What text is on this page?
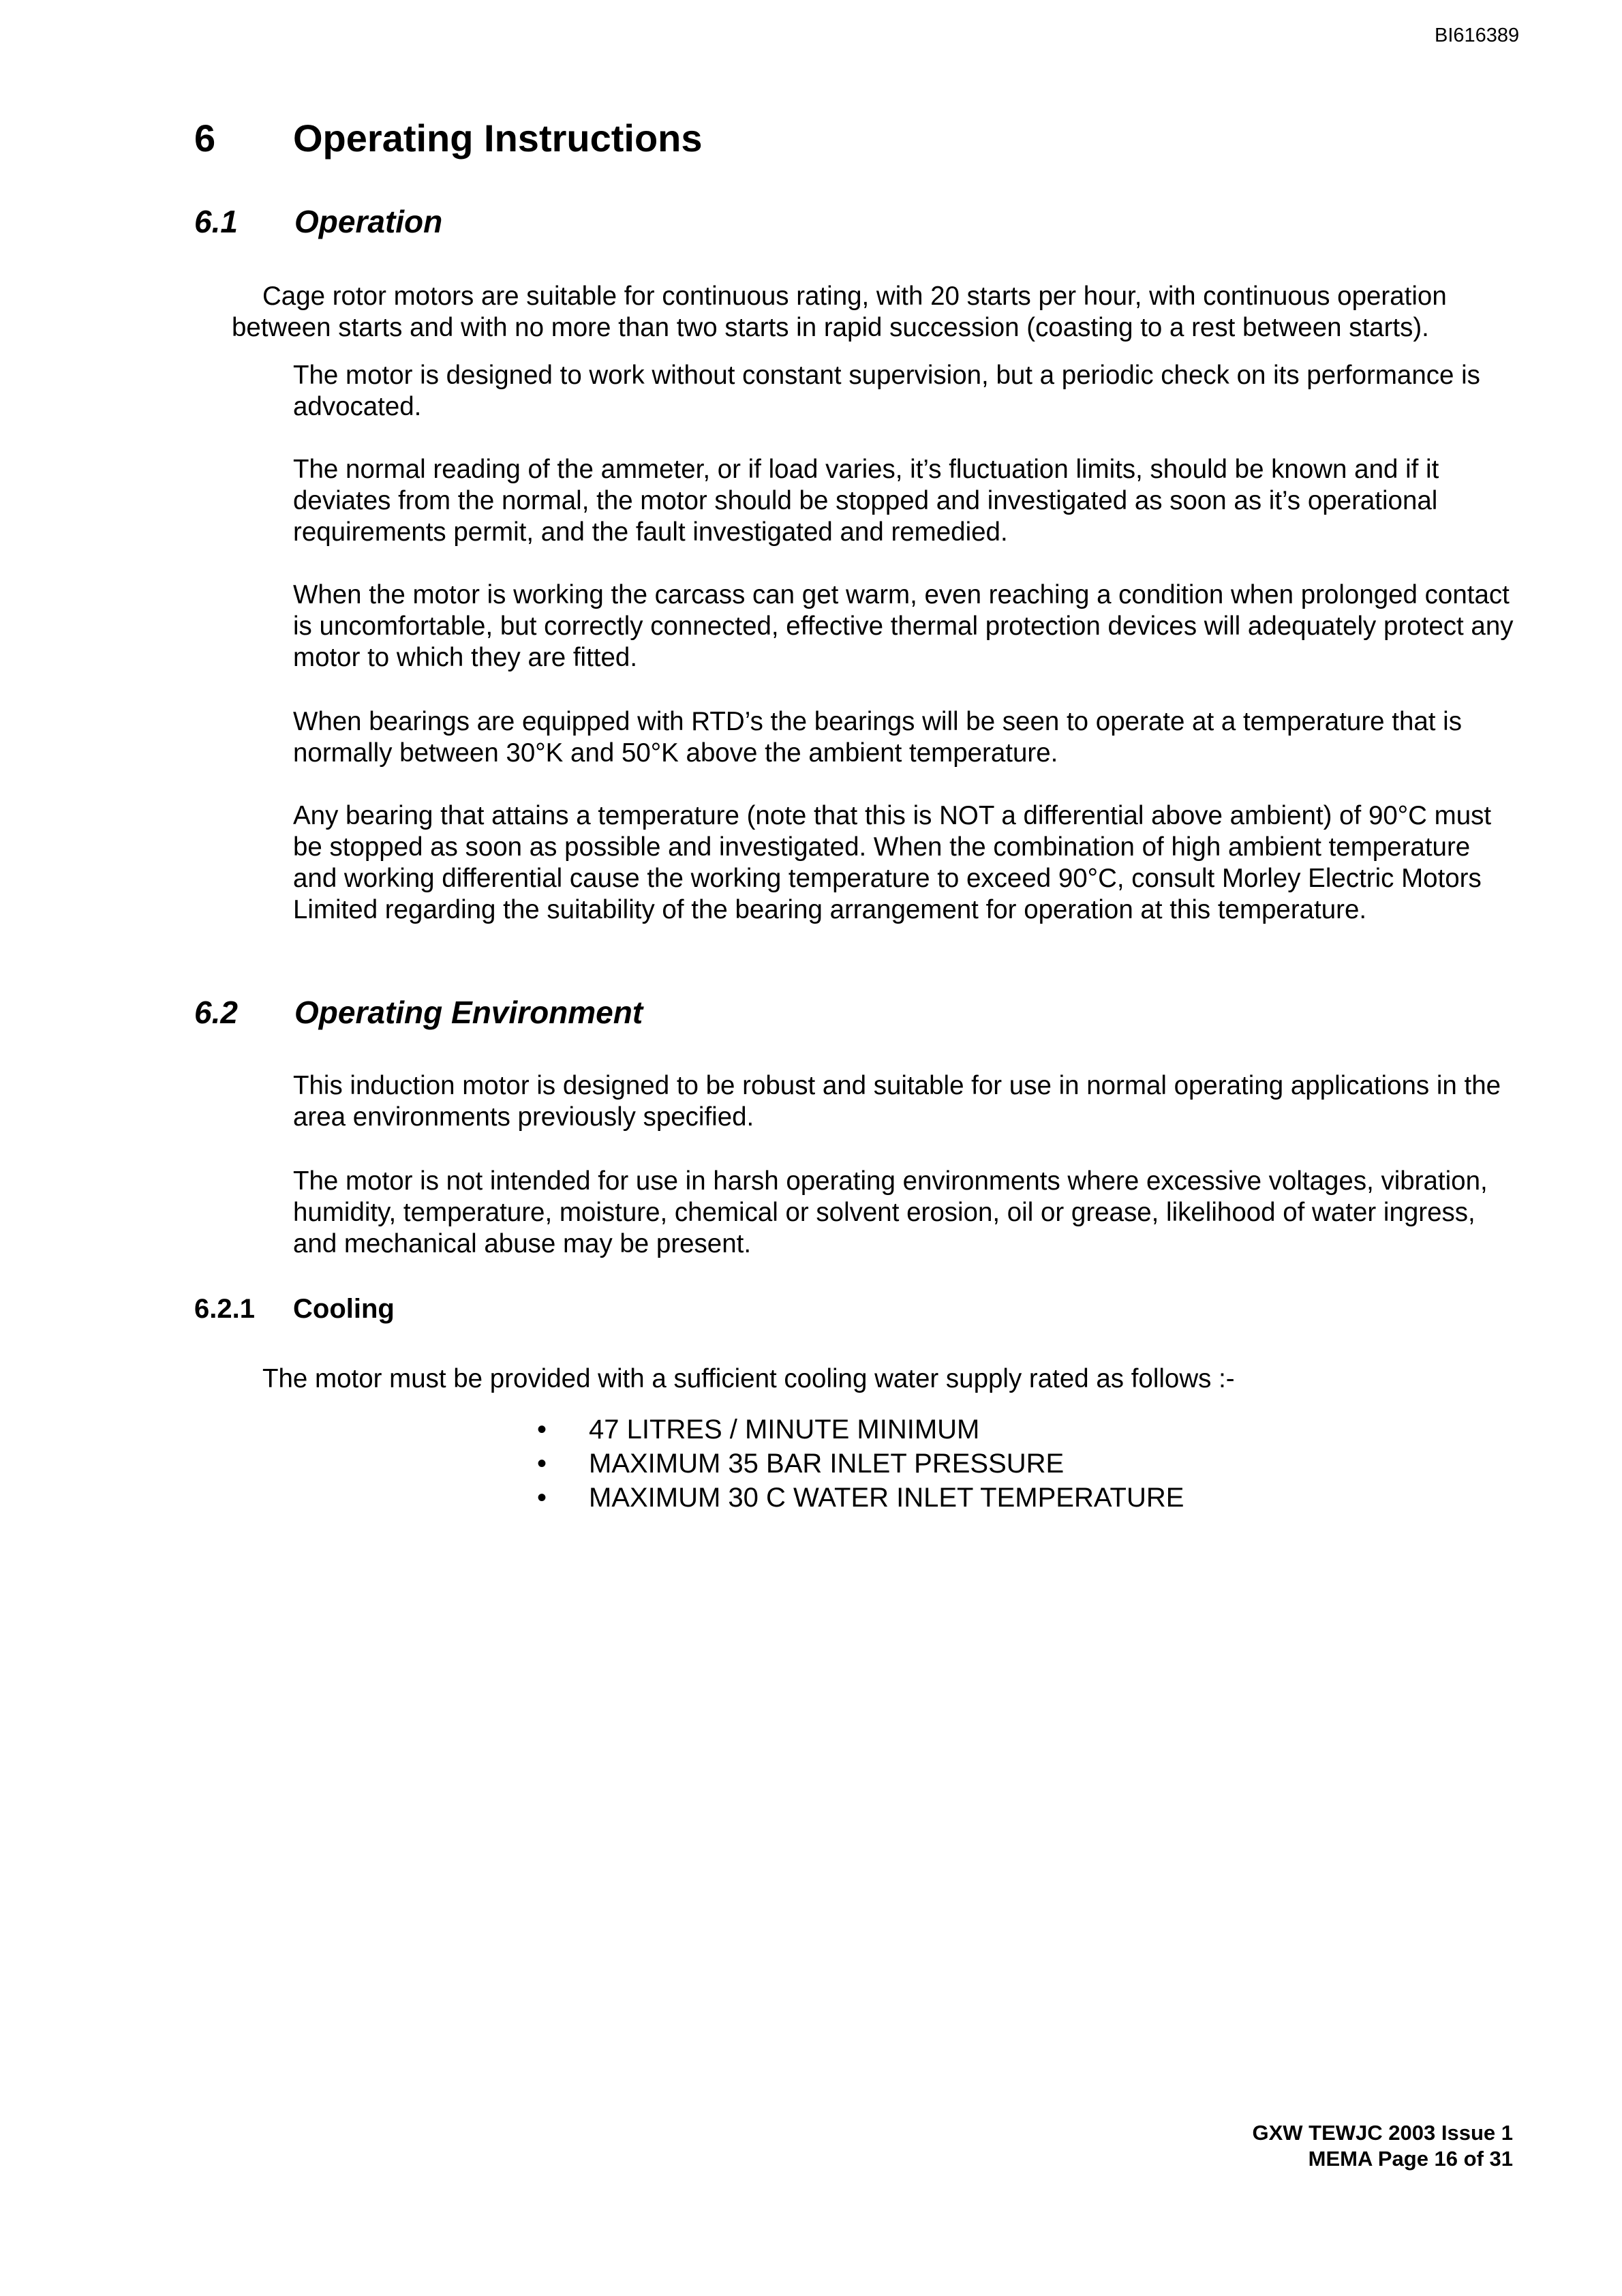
BI616389
6 Operating Instructions
6.1 Operation

Cage rotor motors are suitable for continuous rating, with 20 starts per hour, with continuous operation between starts and with no more than two starts in rapid succession (coasting to a rest between starts).

The motor is designed to work without constant supervision, but a periodic check on its performance is advocated.

The normal reading of the ammeter, or if load varies, it’s fluctuation limits, should be known and if it deviates from the normal, the motor should be stopped and investigated as soon as it’s operational requirements permit, and the fault investigated and remedied.

When the motor is working the carcass can get warm, even reaching a condition when prolonged contact is uncomfortable, but correctly connected, effective thermal protection devices will adequately protect any motor to which they are fitted.

When bearings are equipped with RTD’s the bearings will be seen to operate at a temperature that is normally between 30°K and 50°K above the ambient temperature.

Any bearing that attains a temperature (note that this is NOT a differential above ambient) of 90°C must be stopped as soon as possible and investigated. When the combination of high ambient temperature and working differential cause the working temperature to exceed 90°C, consult Morley Electric Motors Limited regarding the suitability of the bearing arrangement for operation at this temperature.

6.2 Operating Environment

This induction motor is designed to be robust and suitable for use in normal operating applications in the area environments previously specified.

The motor is not intended for use in harsh operating environments where excessive voltages, vibration, humidity, temperature, moisture, chemical or solvent erosion, oil or grease, likelihood of water ingress, and mechanical abuse may be present.

6.2.1 Cooling

The motor must be provided with a sufficient cooling water supply rated as follows :-

• 47 LITRES / MINUTE MINIMUM
• MAXIMUM 35 BAR INLET PRESSURE
• MAXIMUM 30 C WATER INLET TEMPERATURE
GXW TEWJC 2003 Issue 1
MEMA Page 16 of 31
